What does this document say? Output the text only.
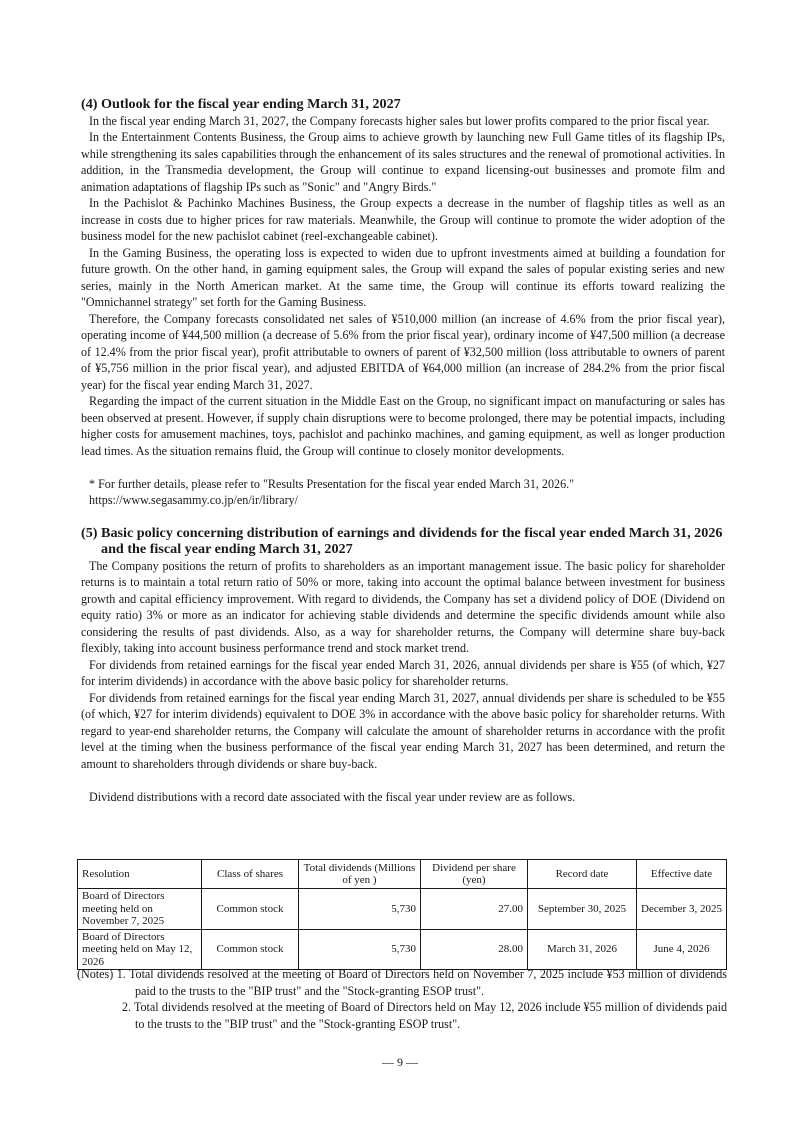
(4) Outlook for the fiscal year ending March 31, 2027

In the fiscal year ending March 31, 2027, the Company forecasts higher sales but lower profits compared to the prior fiscal year.

In the Entertainment Contents Business, the Group aims to achieve growth by launching new Full Game titles of its flagship IPs, while strengthening its sales capabilities through the enhancement of its sales structures and the renewal of promotional activities. In addition, in the Transmedia development, the Group will continue to expand licensing-out businesses and promote film and animation adaptations of flagship IPs such as "Sonic" and "Angry Birds."

In the Pachislot & Pachinko Machines Business, the Group expects a decrease in the number of flagship titles as well as an increase in costs due to higher prices for raw materials. Meanwhile, the Group will continue to promote the wider adoption of the business model for the new pachislot cabinet (reel-exchangeable cabinet).

In the Gaming Business, the operating loss is expected to widen due to upfront investments aimed at building a foundation for future growth. On the other hand, in gaming equipment sales, the Group will expand the sales of popular existing series and new series, mainly in the North American market. At the same time, the Group will continue its efforts toward realizing the "Omnichannel strategy" set forth for the Gaming Business.

Therefore, the Company forecasts consolidated net sales of ¥510,000 million (an increase of 4.6% from the prior fiscal year), operating income of ¥44,500 million (a decrease of 5.6% from the prior fiscal year), ordinary income of ¥47,500 million (a decrease of 12.4% from the prior fiscal year), profit attributable to owners of parent of ¥32,500 million (loss attributable to owners of parent of ¥5,756 million in the prior fiscal year), and adjusted EBITDA of ¥64,000 million (an increase of 284.2% from the prior fiscal year) for the fiscal year ending March 31, 2027.

Regarding the impact of the current situation in the Middle East on the Group, no significant impact on manufacturing or sales has been observed at present. However, if supply chain disruptions were to become prolonged, there may be potential impacts, including higher costs for amusement machines, toys, pachislot and pachinko machines, and gaming equipment, as well as longer production lead times. As the situation remains fluid, the Group will continue to closely monitor developments.

* For further details, please refer to "Results Presentation for the fiscal year ended March 31, 2026."

https://www.segasammy.co.jp/en/ir/library/

(5) Basic policy concerning distribution of earnings and dividends for the fiscal year ended March 31, 2026 and the fiscal year ending March 31, 2027

The Company positions the return of profits to shareholders as an important management issue. The basic policy for shareholder returns is to maintain a total return ratio of 50% or more, taking into account the optimal balance between investment for business growth and capital efficiency improvement. With regard to dividends, the Company has set a dividend policy of DOE (Dividend on equity ratio) 3% or more as an indicator for achieving stable dividends and determine the specific dividends amount while also considering the results of past dividends. Also, as a way for shareholder returns, the Company will determine share buy-back flexibly, taking into account business performance trend and stock market trend.

For dividends from retained earnings for the fiscal year ended March 31, 2026, annual dividends per share is ¥55 (of which, ¥27 for interim dividends) in accordance with the above basic policy for shareholder returns.

For dividends from retained earnings for the fiscal year ending March 31, 2027, annual dividends per share is scheduled to be ¥55 (of which, ¥27 for interim dividends) equivalent to DOE 3% in accordance with the above basic policy for shareholder returns. With regard to year-end shareholder returns, the Company will calculate the amount of shareholder returns in accordance with the profit level at the timing when the business performance of the fiscal year ending March 31, 2027 has been determined, and return the amount to shareholders through dividends or share buy-back.

Dividend distributions with a record date associated with the fiscal year under review are as follows.

Resolution	Class of shares	Total dividends (Millions of yen )	Dividend per share (yen)	Record date	Effective date
Board of Directors meeting held on November 7, 2025	Common stock	5,730	27.00	September 30, 2025	December 3, 2025
Board of Directors meeting held on May 12, 2026	Common stock	5,730	28.00	March 31, 2026	June 4, 2026

(Notes) 1. Total dividends resolved at the meeting of Board of Directors held on November 7, 2025 include ¥53 million of dividends paid to the trusts to the "BIP trust" and the "Stock-granting ESOP trust".

2. Total dividends resolved at the meeting of Board of Directors held on May 12, 2026 include ¥55 million of dividends paid to the trusts to the "BIP trust" and the "Stock-granting ESOP trust".

— 9 —
